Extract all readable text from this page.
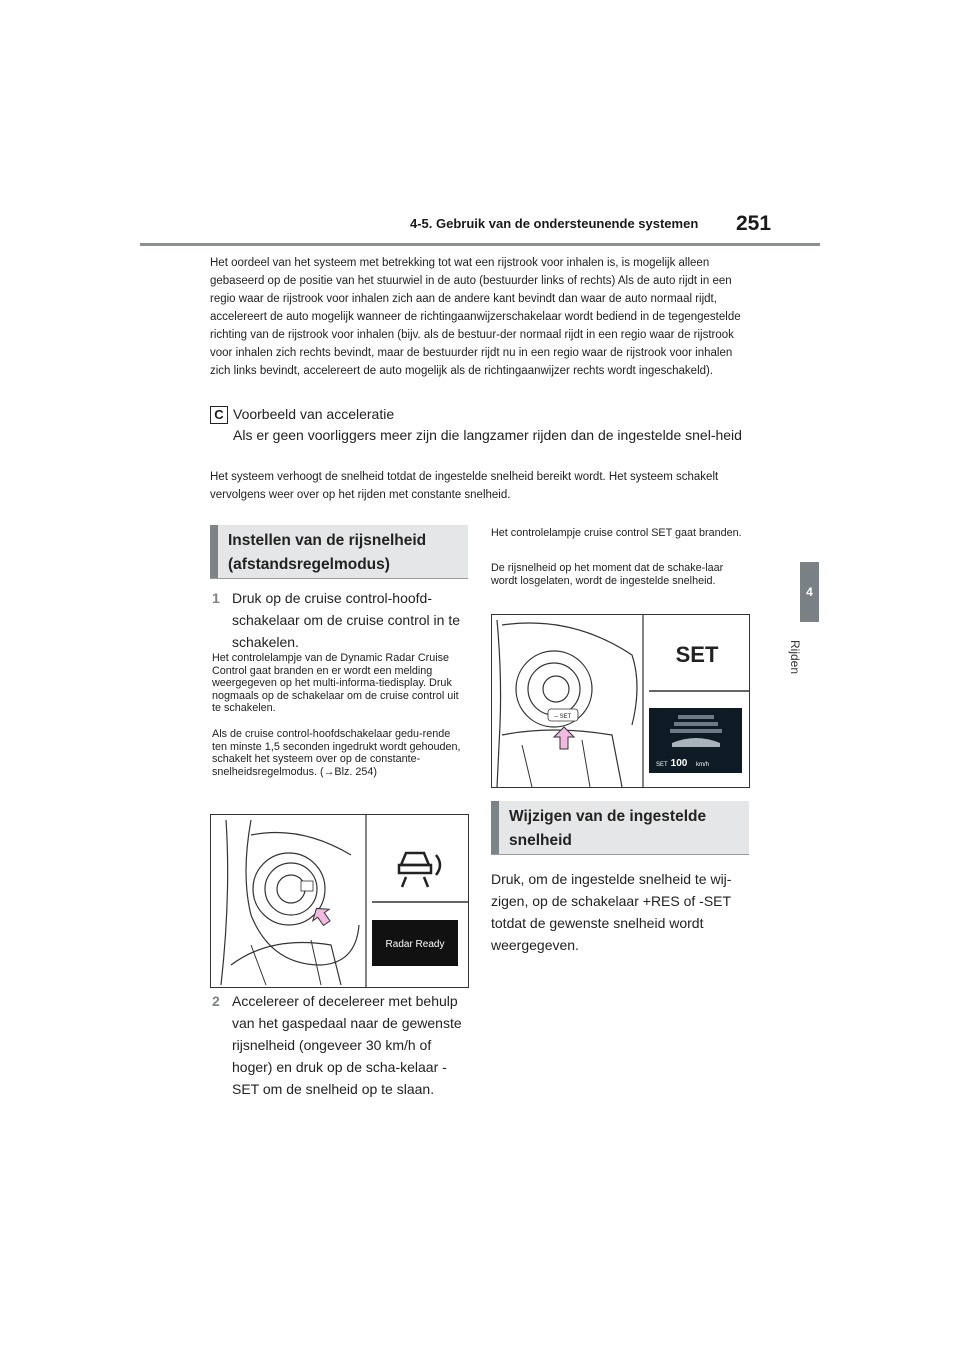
4-5. Gebruik van de ondersteunende systemen 251
4
Rijden
Het oordeel van het systeem met betrekking tot wat een rijstrook voor inhalen is, is mogelijk alleen gebaseerd op de positie van het stuurwiel in de auto (bestuurder links of rechts) Als de auto rijdt in een regio waar de rijstrook voor inhalen zich aan de andere kant bevindt dan waar de auto normaal rijdt, accelereert de auto mogelijk wanneer de richtingaanwijzerschakelaar wordt bediend in de tegengestelde richting van de rijstrook voor inhalen (bijv. als de bestuur-der normaal rijdt in een regio waar de rijstrook voor inhalen zich rechts bevindt, maar de bestuurder rijdt nu in een regio waar de rijstrook voor inhalen zich links bevindt, accelereert de auto mogelijk als de richtingaanwijzer rechts wordt ingeschakeld).
C Voorbeeld van acceleratie
Als er geen voorliggers meer zijn die langzamer rijden dan de ingestelde snel-heid
Het systeem verhoogt de snelheid totdat de ingestelde snelheid bereikt wordt. Het systeem schakelt vervolgens weer over op het rijden met constante snelheid.
Instellen van de rijsnelheid (afstandsregelmodus)
1 Druk op de cruise control-hoofd-schakelaar om de cruise control in te schakelen.
Het controlelampje van de Dynamic Radar Cruise Control gaat branden en er wordt een melding weergegeven op het multi-informa-tiedisplay. Druk nogmaals op de schakelaar om de cruise control uit te schakelen.
Als de cruise control-hoofdschakelaar gedu-rende ten minste 1,5 seconden ingedrukt wordt gehouden, schakelt het systeem over op de constante-snelheidsregelmodus. (→Blz. 254)
Radar Ready
2 Accelereer of decelereer met behulp van het gaspedaal naar de gewenste rijsnelheid (ongeveer 30 km/h of hoger) en druk op de scha-kelaar -SET om de snelheid op te slaan.
Het controlelampje cruise control SET gaat branden.
De rijsnelheid op het moment dat de schake-laar wordt losgelaten, wordt de ingestelde snelheid.
– SET
SET
SET 100 km/h
Wijzigen van de ingestelde snelheid
Druk, om de ingestelde snelheid te wij-zigen, op de schakelaar +RES of -SET totdat de gewenste snelheid wordt weergegeven.
